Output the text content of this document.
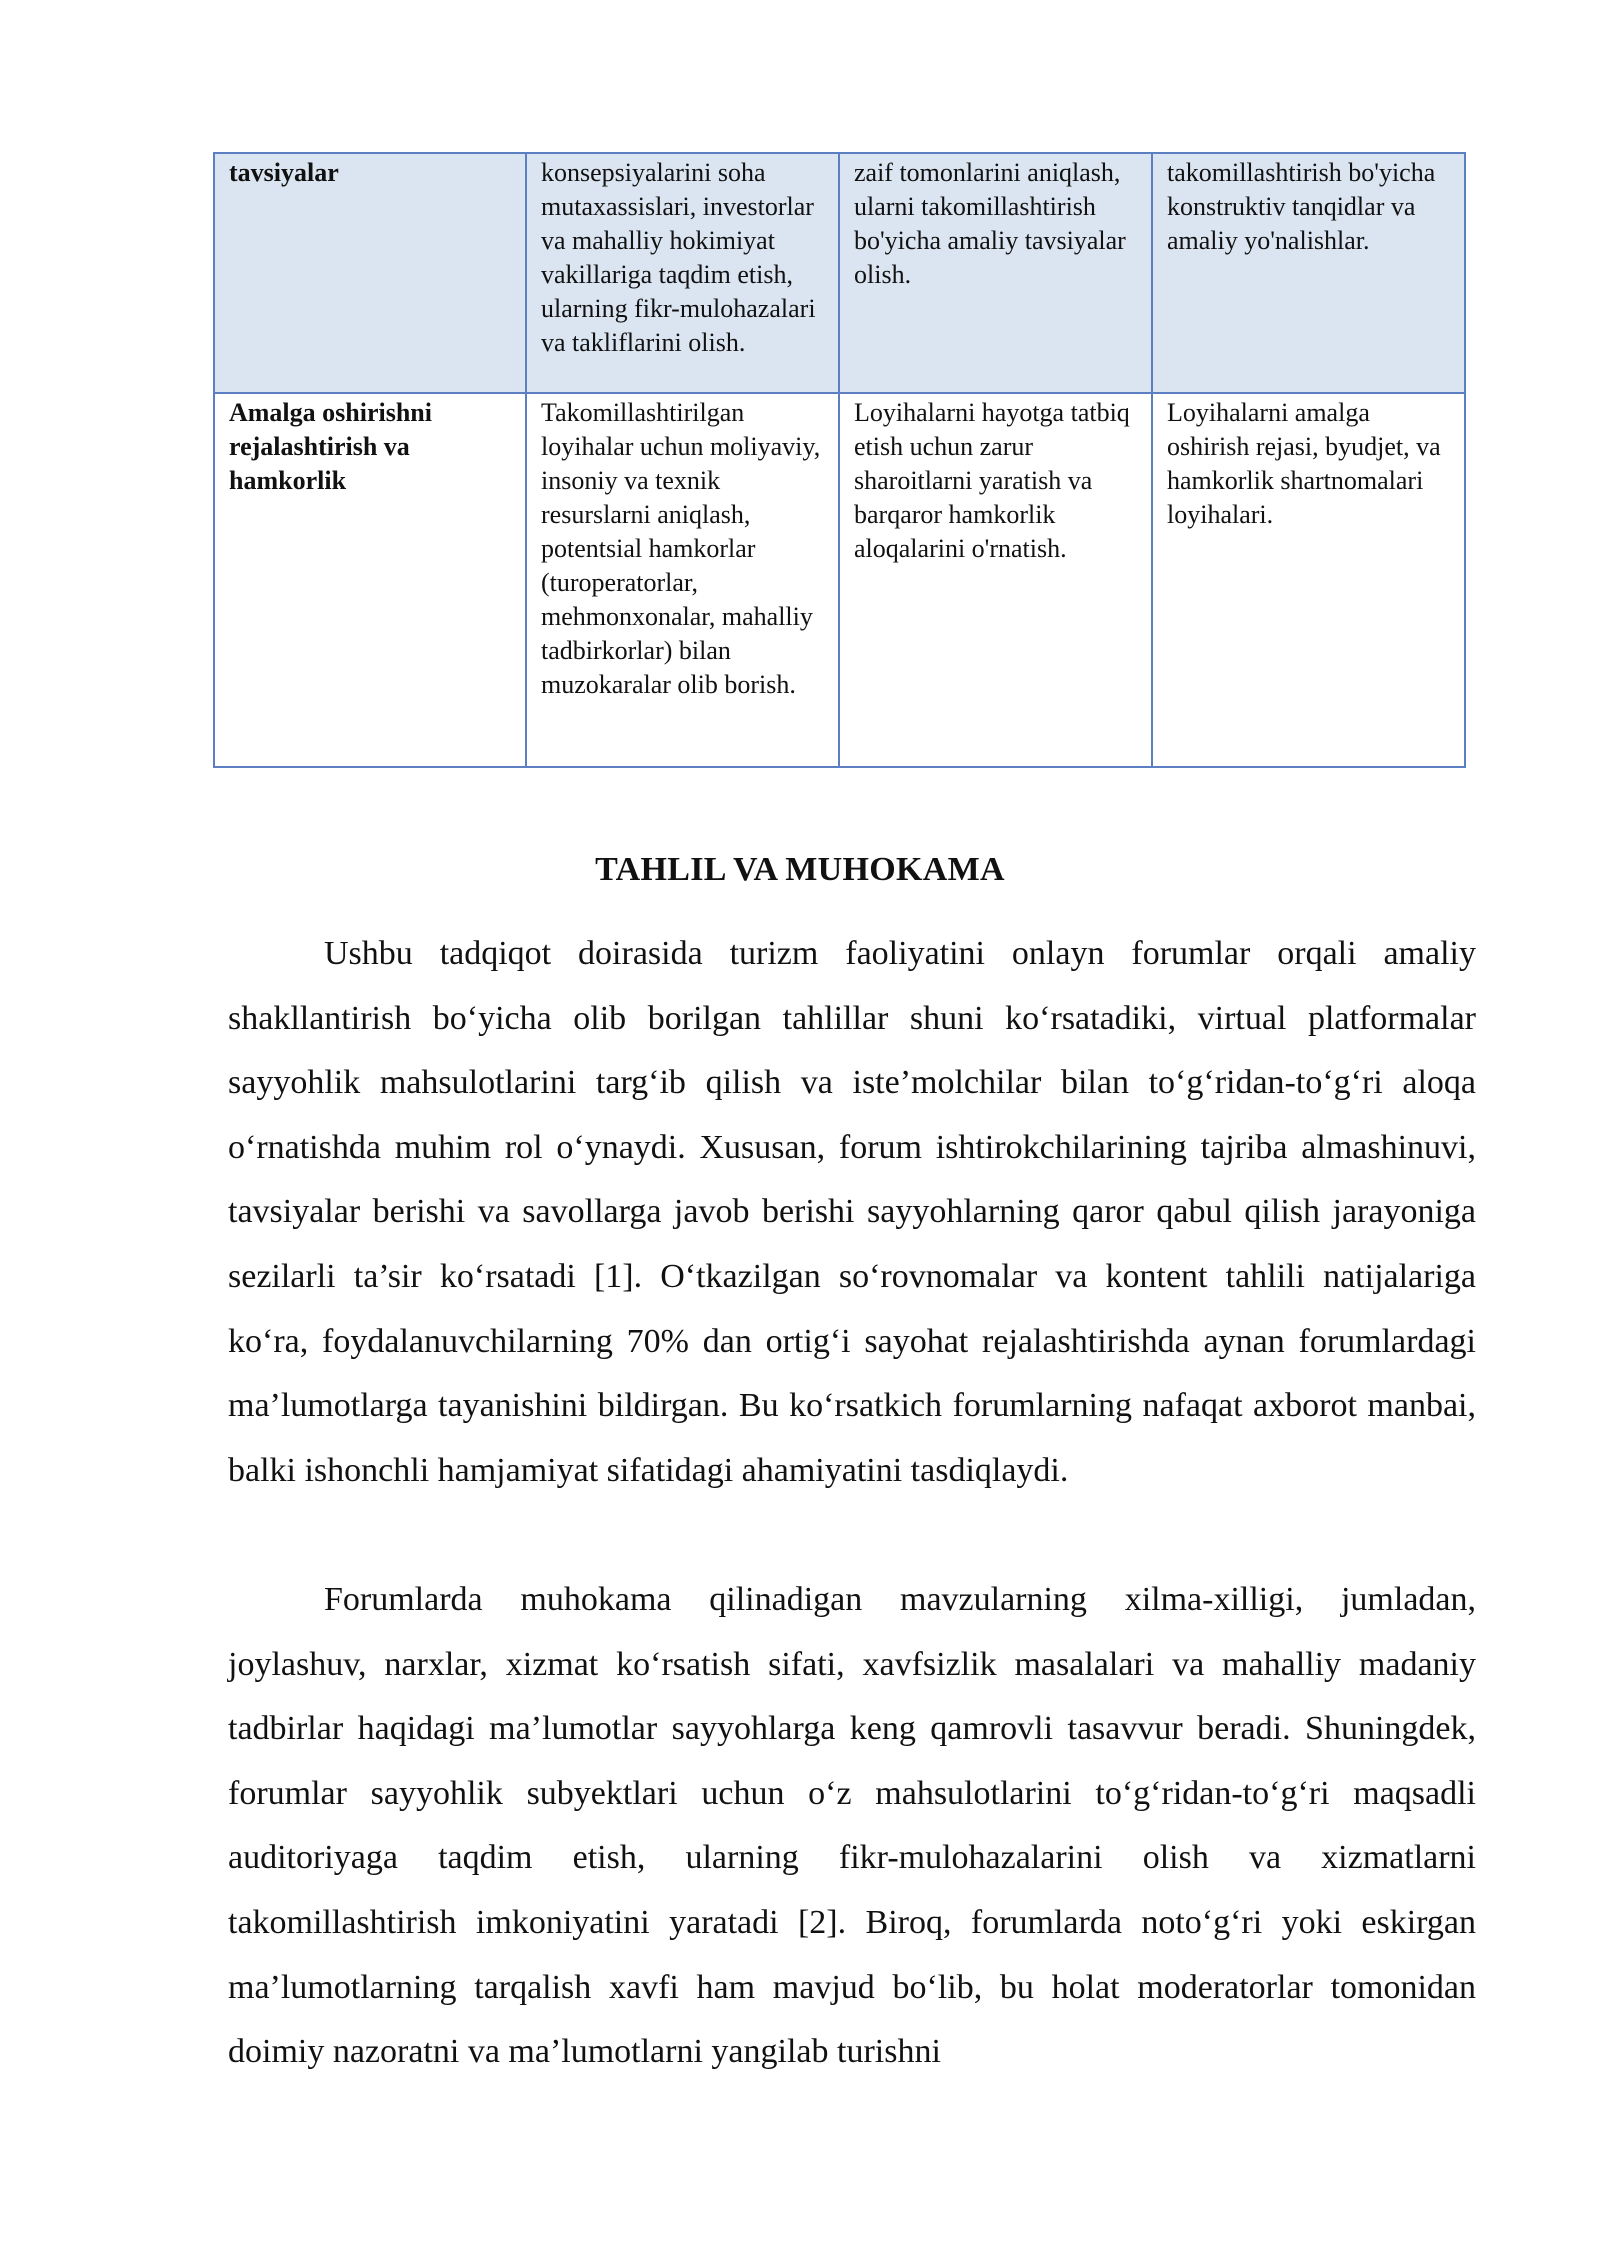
tavsiyalar	konsepsiyalarini soha mutaxassislari, investorlar va mahalliy hokimiyat vakillariga taqdim etish, ularning fikr-mulohazalari va takliflarini olish.	zaif tomonlarini aniqlash, ularni takomillashtirish bo'yicha amaliy tavsiyalar olish.	takomillashtirish bo'yicha konstruktiv tanqidlar va amaliy yo'nalishlar.
Amalga oshirishni rejalashtirish va hamkorlik	Takomillashtirilgan loyihalar uchun moliyaviy, insoniy va texnik resurslarni aniqlash, potentsial hamkorlar (turoperatorlar, mehmonxonalar, mahalliy tadbirkorlar) bilan muzokaralar olib borish.	Loyihalarni hayotga tatbiq etish uchun zarur sharoitlarni yaratish va barqaror hamkorlik aloqalarini o'rnatish.	Loyihalarni amalga oshirish rejasi, byudjet, va hamkorlik shartnomalari loyihalari.
TAHLIL VA MUHOKAMA

Ushbu tadqiqot doirasida turizm faoliyatini onlayn forumlar orqali amaliy shakllantirish bo‘yicha olib borilgan tahlillar shuni ko‘rsatadiki, virtual platformalar sayyohlik mahsulotlarini targ‘ib qilish va iste’molchilar bilan to‘g‘ridan-to‘g‘ri aloqa o‘rnatishda muhim rol o‘ynaydi. Xususan, forum ishtirokchilarining tajriba almashinuvi, tavsiyalar berishi va savollarga javob berishi sayyohlarning qaror qabul qilish jarayoniga sezilarli ta’sir ko‘rsatadi [1]. O‘tkazilgan so‘rovnomalar va kontent tahlili natijalariga ko‘ra, foydalanuvchilarning 70% dan ortig‘i sayohat rejalashtirishda aynan forumlardagi ma’lumotlarga tayanishini bildirgan. Bu ko‘rsatkich forumlarning nafaqat axborot manbai, balki ishonchli hamjamiyat sifatidagi ahamiyatini tasdiqlaydi.

Forumlarda muhokama qilinadigan mavzularning xilma-xilligi, jumladan, joylashuv, narxlar, xizmat ko‘rsatish sifati, xavfsizlik masalalari va mahalliy madaniy tadbirlar haqidagi ma’lumotlar sayyohlarga keng qamrovli tasavvur beradi. Shuningdek, forumlar sayyohlik subyektlari uchun o‘z mahsulotlarini to‘g‘ridan-to‘g‘ri maqsadli auditoriyaga taqdim etish, ularning fikr-mulohazalarini olish va xizmatlarni takomillashtirish imkoniyatini yaratadi [2]. Biroq, forumlarda noto‘g‘ri yoki eskirgan ma’lumotlarning tarqalish xavfi ham mavjud bo‘lib, bu holat moderatorlar tomonidan doimiy nazoratni va ma’lumotlarni yangilab turishni
